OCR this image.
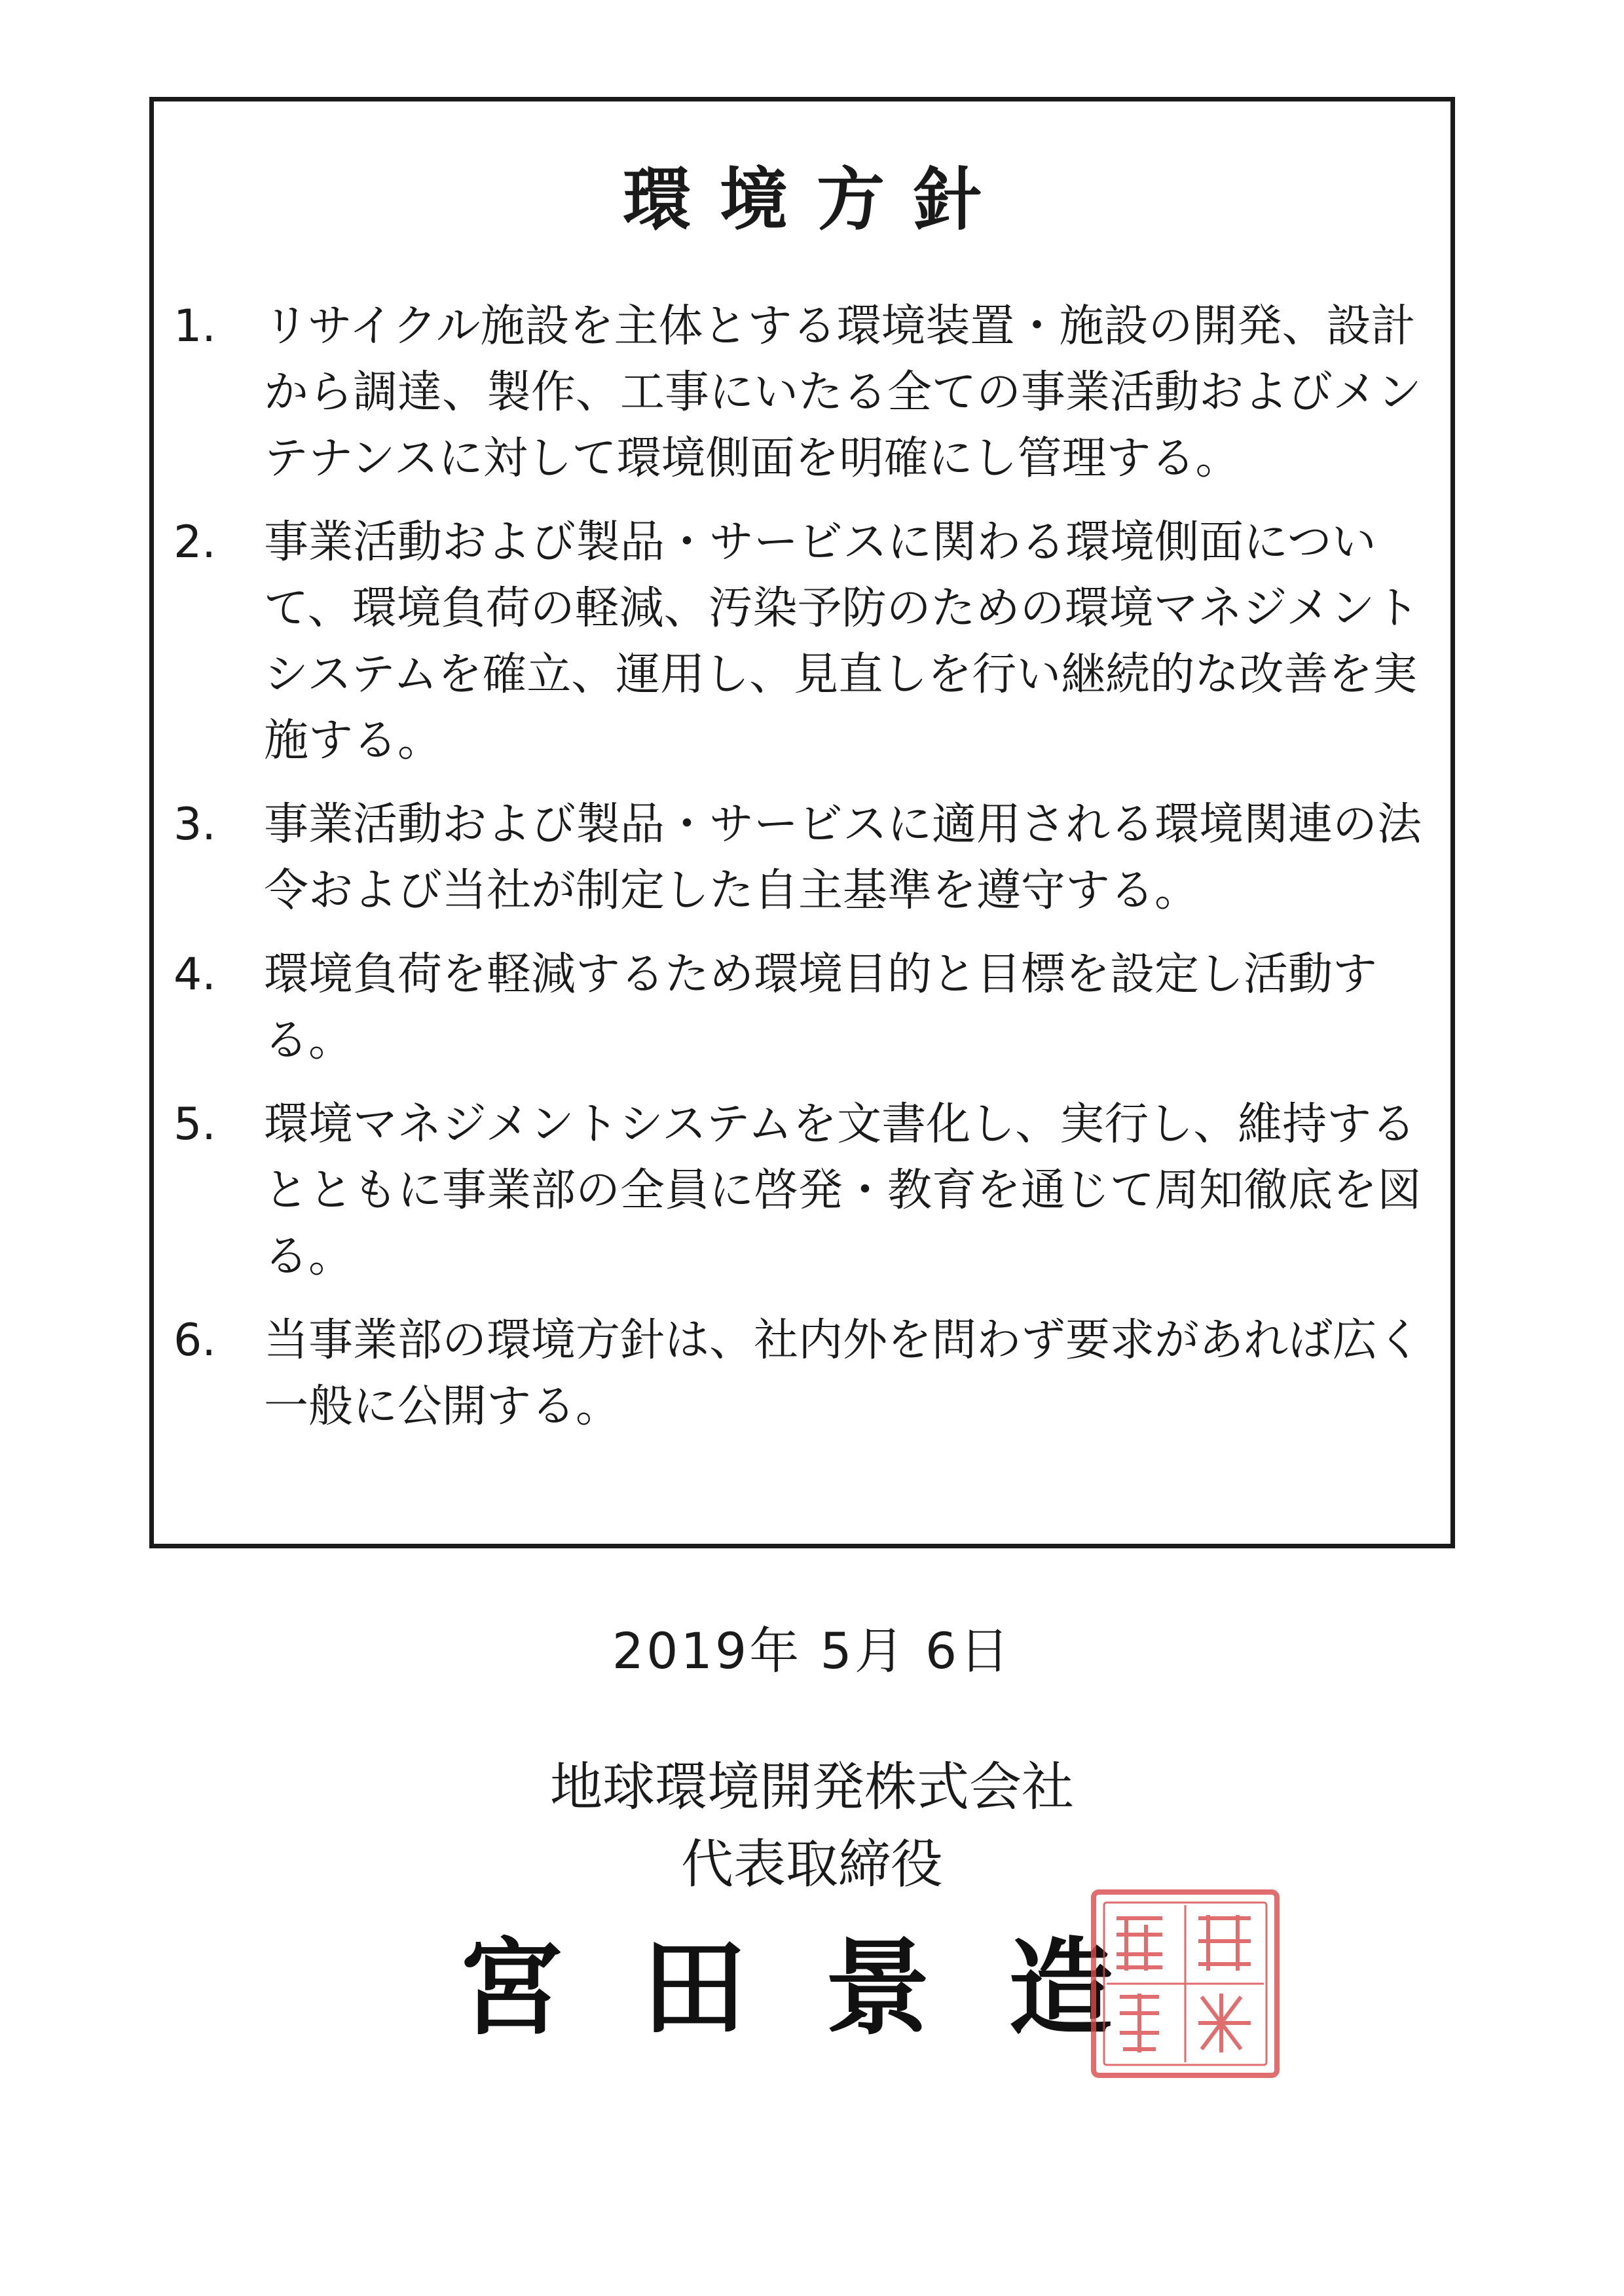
環境方針
1.	リサイクル施設を主体とする環境装置・施設の開発、設計から調達、製作、工事にいたる全ての事業活動およびメンテナンスに対して環境側面を明確にし管理する。
2.	事業活動および製品・サービスに関わる環境側面について、環境負荷の軽減、汚染予防のための環境マネジメントシステムを確立、運用し、見直しを行い継続的な改善を実施する。
3.	事業活動および製品・サービスに適用される環境関連の法令および当社が制定した自主基準を遵守する。
4.	環境負荷を軽減するため環境目的と目標を設定し活動する。
5.	環境マネジメントシステムを文書化し、実行し、維持するとともに事業部の全員に啓発・教育を通じて周知徹底を図る。
6.	当事業部の環境方針は、社内外を問わず要求があれば広く一般に公開する。
2019年 5月 6日
地球環境開発株式会社
代表取締役
宮田景造
